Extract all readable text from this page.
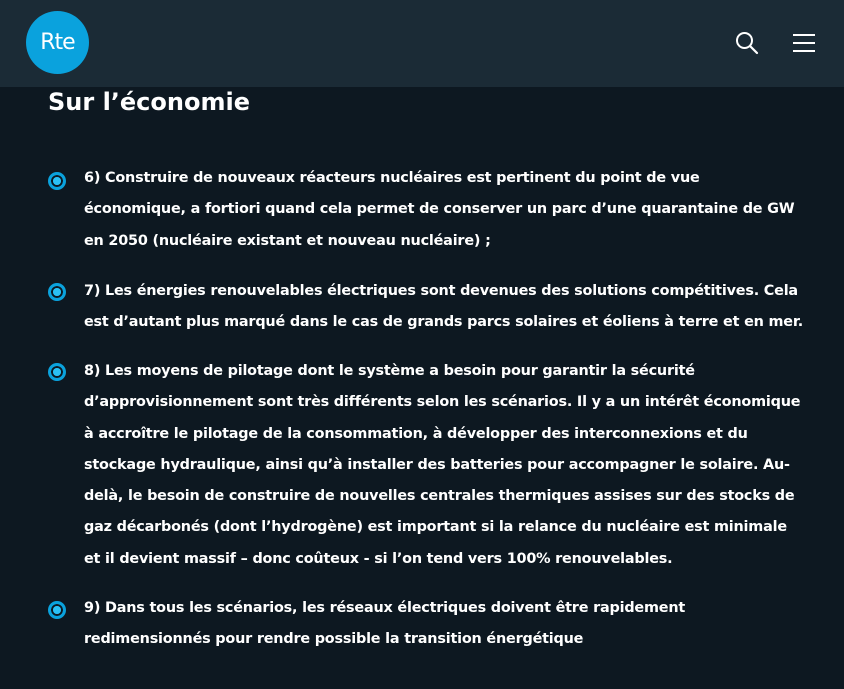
Rte
Sur l’économie

6) Construire de nouveaux réacteurs nucléaires est pertinent du point de vue économique, a fortiori quand cela permet de conserver un parc d’une quarantaine de GW en 2050 (nucléaire existant et nouveau nucléaire) ;

7) Les énergies renouvelables électriques sont devenues des solutions compétitives. Cela est d’autant plus marqué dans le cas de grands parcs solaires et éoliens à terre et en mer.

8) Les moyens de pilotage dont le système a besoin pour garantir la sécurité d’approvisionnement sont très différents selon les scénarios. Il y a un intérêt économique à accroître le pilotage de la consommation, à développer des interconnexions et du stockage hydraulique, ainsi qu’à installer des batteries pour accompagner le solaire. Au-delà, le besoin de construire de nouvelles centrales thermiques assises sur des stocks de gaz décarbonés (dont l’hydrogène) est important si la relance du nucléaire est minimale et il devient massif – donc coûteux - si l’on tend vers 100% renouvelables.

9) Dans tous les scénarios, les réseaux électriques doivent être rapidement redimensionnés pour rendre possible la transition énergétique
